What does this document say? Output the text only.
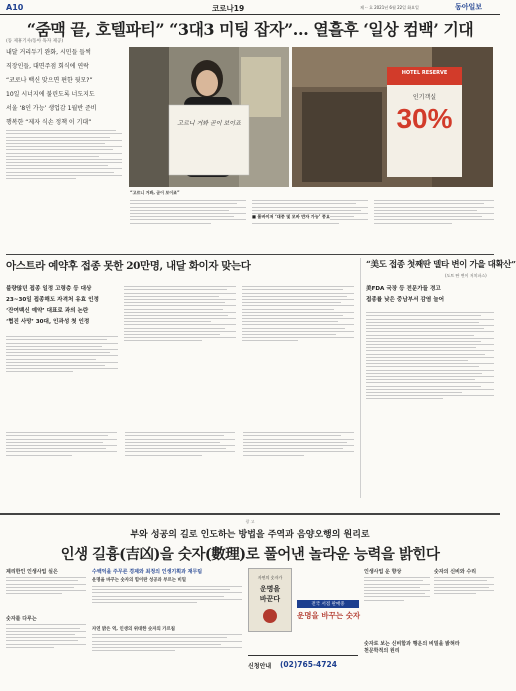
A10	코로나19	제 ·· 호 2021년 6월 22일 화요일	동아일보
“줌맥 끝, 호텔파티” “3대3 미팅 잡자”… 열흘후 ‘일상 컴백’ 기대
(동 제휴기사/동아 독자 제공)
내달 거리두기 완화, 시민들 들썩
직장인들, 대면주점 회식에 연락
“코로나 백신 맞으면 편한 뒷모?”
10일 시너지에 불린도록 너도지도
서울 ‘8인 가능’ 생업감 1월반 준비
행복한 “제자 식손 정책 이 기대”	고르니 거봐 곧이 보이죠
“고르니 거봐, 곧이 보이죠”
HOTEL RESERVE
인기객실
30%
■ 룸바이저 ‘대중 및 모바 반자 가능’ 풍요
아스트라 예약후 접종 못한 20만명, 내달 화이자 맞는다
불량많던 접종 일정 고령층 등 대상
23~30일 접종해도 자격처 유효 인정
‘잔여백신 예약’ 대표로 과의 논란
‘협진 사망’ 30대, 인과성 첫 인정
“美도 접종 첫째딴 델타 변이 가을 대확산”
(도트 딴 변이 저치파스)
美FDA 국장 등 전문가들 경고
접종률 낮은 중남부서 감염 늘어
광 고
부와 성공의 길로 인도하는 방법을 주역과 음양오행의 원리로
인생 길흉(吉凶)을 숫자(數理)로 풀어낸 놀라운 능력을 밝힌다
제리한인 인생사업 실은
숫자를 다루는
수백억을 주무른 경제와 최정의 인생기획과 재무팀
운명을 바꾸는 숫자의 힘이란 성공과 부르는 비밀
자연 밝은 역, 인생의 위대한 숫자의 가르침
자연의 숫자가
운명을
바꾼다
전국 서점 판매중
운명을 바꾸는 숫자
인생사업 운 향상	숫자의 신비와 수리
숫자로 보는 신비함과 행운의 비밀을 밝혀라
천문학적의 원리
신청안내 (02)765-4724
